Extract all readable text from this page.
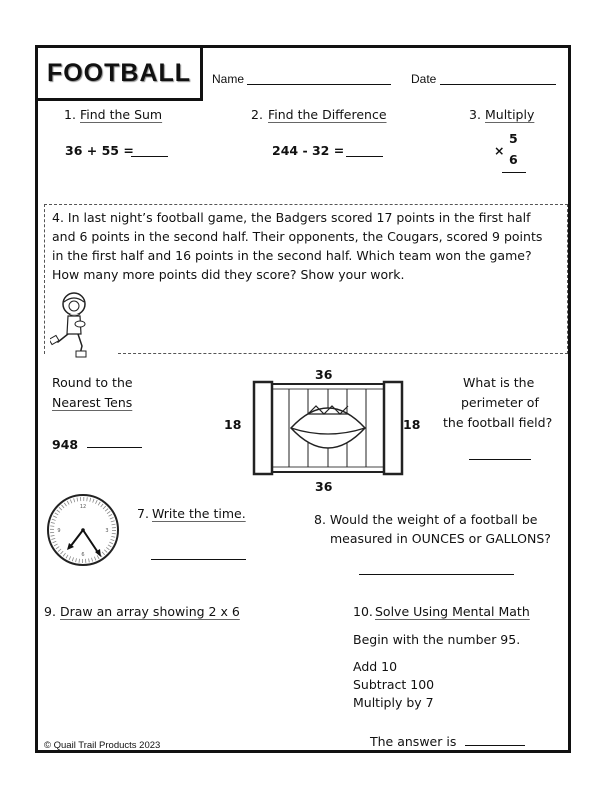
FOOTBALL Name	Date
1. Find the Sum
36 + 55 =
2. Find the Difference
244 - 32 =
3. Multiply
5
×
6
4. In last night’s football game, the Badgers scored 17 points in the first half
and 6 points in the second half. Their opponents, the Cougars, scored 9 points
in the first half and 16 points in the second half. Which team won the game?
How many more points did they score? Show your work.
Round to the
Nearest Tens
948
36
36
18	18
What is the
perimeter of
the football field?
12
3
6
9
7. Write the time.	8. Would the weight of a football be
measured in OUNCES or GALLONS?
9. Draw an array showing 2 x 6	10. Solve Using Mental Math
Begin with the number 95.
Add 10
Subtract 100
Multiply by 7
The answer is
© Quail Trail Products 2023
